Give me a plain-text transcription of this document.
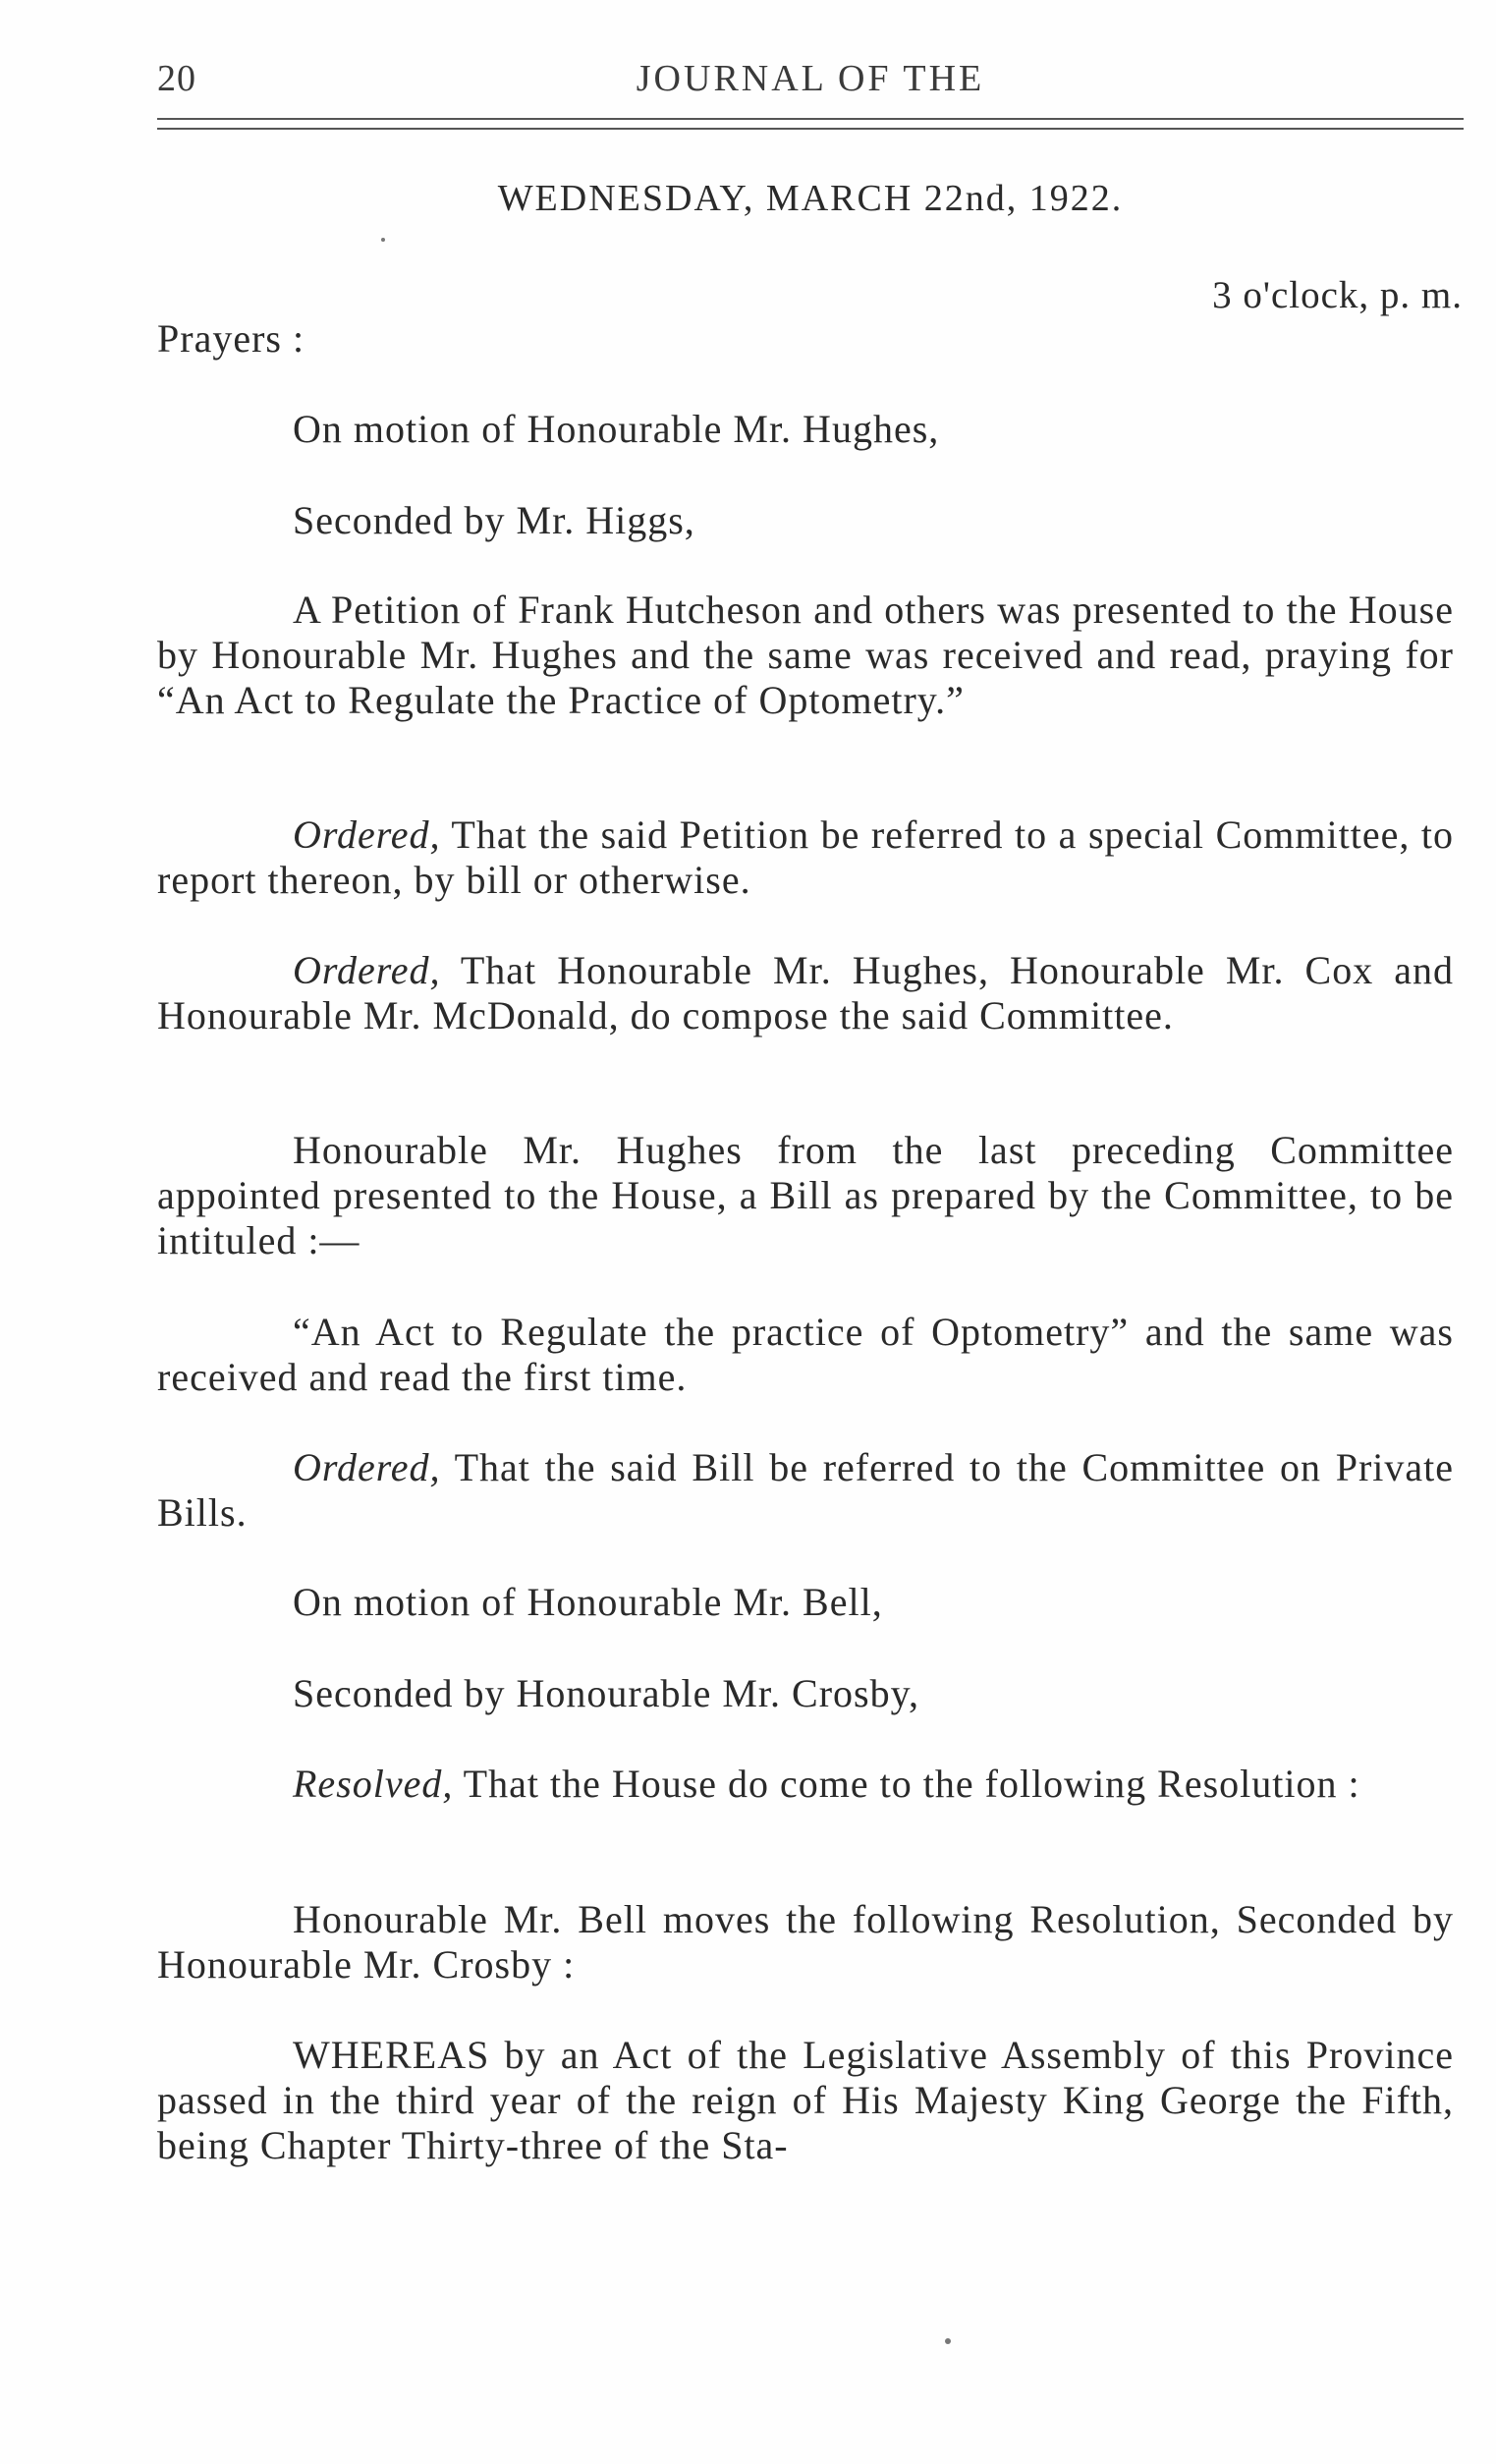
20	JOURNAL OF THE
WEDNESDAY, MARCH 22nd, 1922.
3 o'clock, p. m.

Prayers :

On motion of Honourable Mr. Hughes,

Seconded by Mr. Higgs,

A Petition of Frank Hutcheson and others was presented to the House by Honourable Mr. Hughes and the same was received and read, praying for “An Act to Regulate the Practice of Optometry.”

Ordered, That the said Petition be referred to a special Committee, to report thereon, by bill or otherwise.

Ordered, That Honourable Mr. Hughes, Honourable Mr. Cox and Honourable Mr. McDonald, do compose the said Committee.

Honourable Mr. Hughes from the last preceding Committee appointed presented to the House, a Bill as prepared by the Committee, to be intituled :—

“An Act to Regulate the practice of Optometry” and the same was received and read the first time.

Ordered, That the said Bill be referred to the Committee on Private Bills.

On motion of Honourable Mr. Bell,

Seconded by Honourable Mr. Crosby,

Resolved, That the House do come to the following Resolution :

Honourable Mr. Bell moves the following Resolution, Seconded by Honourable Mr. Crosby :

WHEREAS by an Act of the Legislative Assembly of this Province passed in the third year of the reign of His Majesty King George the Fifth, being Chapter Thirty-three of the Sta-
